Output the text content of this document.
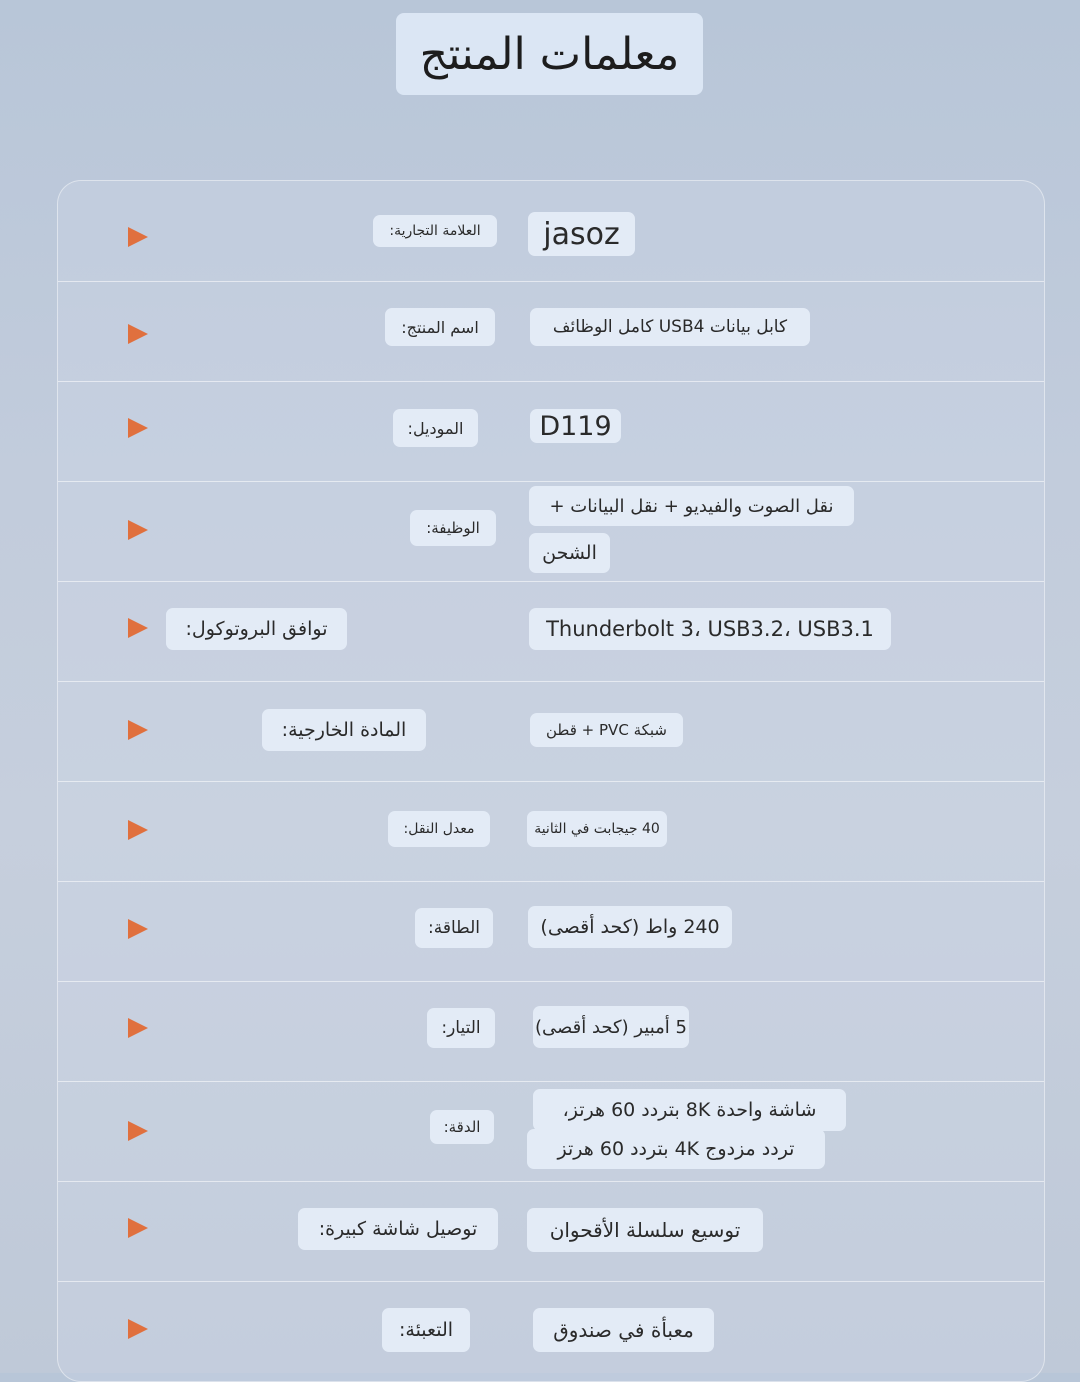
معلمات المنتج
العلامة التجارية:	jasoz
اسم المنتج:	كابل بيانات USB4 كامل الوظائف
الموديل:	D119
الوظيفة:
نقل الصوت والفيديو + نقل البيانات +
الشحن
توافق البروتوكول:	Thunderbolt 3، USB3.2، USB3.1
المادة الخارجية:	شبكة PVC + قطن
معدل النقل:	40 جيجابت في الثانية
الطاقة:	240 واط (كحد أقصى)
التيار:	5 أمبير (كحد أقصى)
الدقة:
شاشة واحدة 8K بتردد 60 هرتز،
تردد مزدوج 4K بتردد 60 هرتز
توصيل شاشة كبيرة:	توسيع سلسلة الأقحوان
التعبئة:	معبأة في صندوق
